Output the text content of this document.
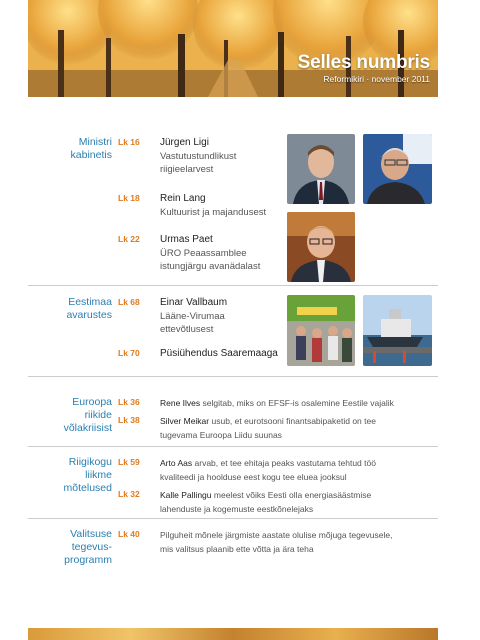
Selles numbris
Reformikiri · november 2011
Ministri
kabinetis
Lk 16 Jürgen Ligi
Vastutustundlikust
riigieelarvest
Lk 18 Rein Lang
Kultuurist ja majandusest
Lk 22 Urmas Paet
ÜRO Peaassamblee
istungjärgu avanädalast
Eestimaa
avarustes
Lk 68 Einar Vallbaum
Lääne-Virumaa
ettevõtlusest
Lk 70 Püsiühendus Saaremaaga
Euroopa
riikide
võlakriisist
Lk 36 Rene Ilves selgitab, miks on EFSF-is osalemine Eestile vajalik
Lk 38 Silver Meikar usub, et eurotsooni finantsabipaketid on tee
tugevama Euroopa Liidu suunas
Riigikogu
liikme
mõtelused
Lk 59 Arto Aas arvab, et tee ehitaja peaks vastutama tehtud töö
kvaliteedi ja hoolduse eest kogu tee eluea jooksul
Lk 32 Kalle Pallingu meelest võiks Eesti olla energiasäästmise
lahenduste ja kogemuste eestkõnelejaks
Valitsuse
tegevus-
programm
Lk 40 Pilguheit mõnele järgmiste aastate olulise mõjuga tegevusele,
mis valitsus plaanib ette võtta ja ära teha
